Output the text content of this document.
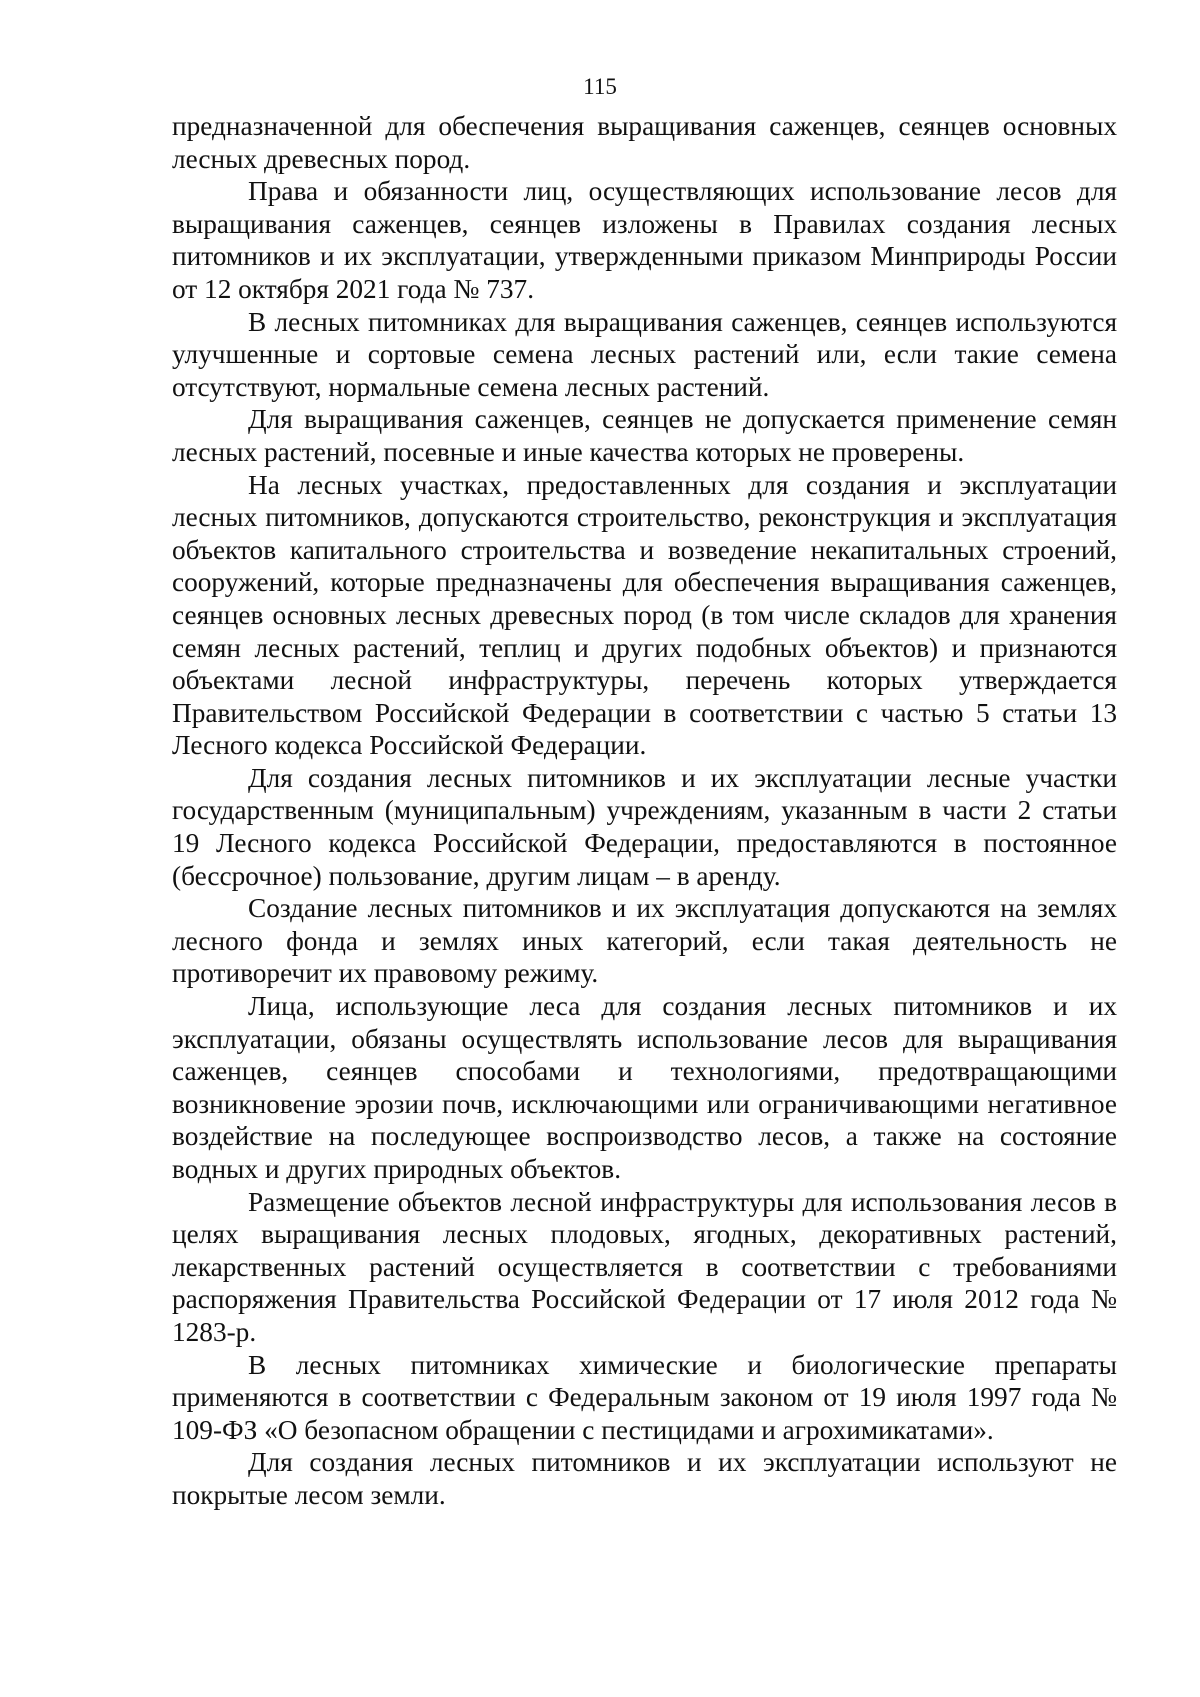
115

предназначенной для обеспечения выращивания саженцев, сеянцев основных лесных древесных пород.

Права и обязанности лиц, осуществляющих использование лесов для выращивания саженцев, сеянцев изложены в Правилах создания лесных питомников и их эксплуатации, утвержденными приказом Минприроды России от 12 октября 2021 года № 737.

В лесных питомниках для выращивания саженцев, сеянцев используются улучшенные и сортовые семена лесных растений или, если такие семена отсутствуют, нормальные семена лесных растений.

Для выращивания саженцев, сеянцев не допускается применение семян лесных растений, посевные и иные качества которых не проверены.

На лесных участках, предоставленных для создания и эксплуатации лесных питомников, допускаются строительство, реконструкция и эксплуатация объектов капитального строительства и возведение некапитальных строений, сооружений, которые предназначены для обеспечения выращивания саженцев, сеянцев основных лесных древесных пород (в том числе складов для хранения семян лесных растений, теплиц и других подобных объектов) и признаются объектами лесной инфраструктуры, перечень которых утверждается Правительством Российской Федерации в соответствии с частью 5 статьи 13 Лесного кодекса Российской Федерации.

Для создания лесных питомников и их эксплуатации лесные участки государственным (муниципальным) учреждениям, указанным в части 2 статьи 19 Лесного кодекса Российской Федерации, предоставляются в постоянное (бессрочное) пользование, другим лицам – в аренду.

Создание лесных питомников и их эксплуатация допускаются на землях лесного фонда и землях иных категорий, если такая деятельность не противоречит их правовому режиму.

Лица, использующие леса для создания лесных питомников и их эксплуатации, обязаны осуществлять использование лесов для выращивания саженцев, сеянцев способами и технологиями, предотвращающими возникновение эрозии почв, исключающими или ограничивающими негативное воздействие на последующее воспроизводство лесов, а также на состояние водных и других природных объектов.

Размещение объектов лесной инфраструктуры для использования лесов в целях выращивания лесных плодовых, ягодных, декоративных растений, лекарственных растений осуществляется в соответствии с требованиями распоряжения Правительства Российской Федерации от 17 июля 2012 года № 1283-р.

В лесных питомниках химические и биологические препараты применяются в соответствии с Федеральным законом от 19 июля 1997 года № 109-ФЗ «О безопасном обращении с пестицидами и агрохимикатами».

Для создания лесных питомников и их эксплуатации используют не покрытые лесом земли.
